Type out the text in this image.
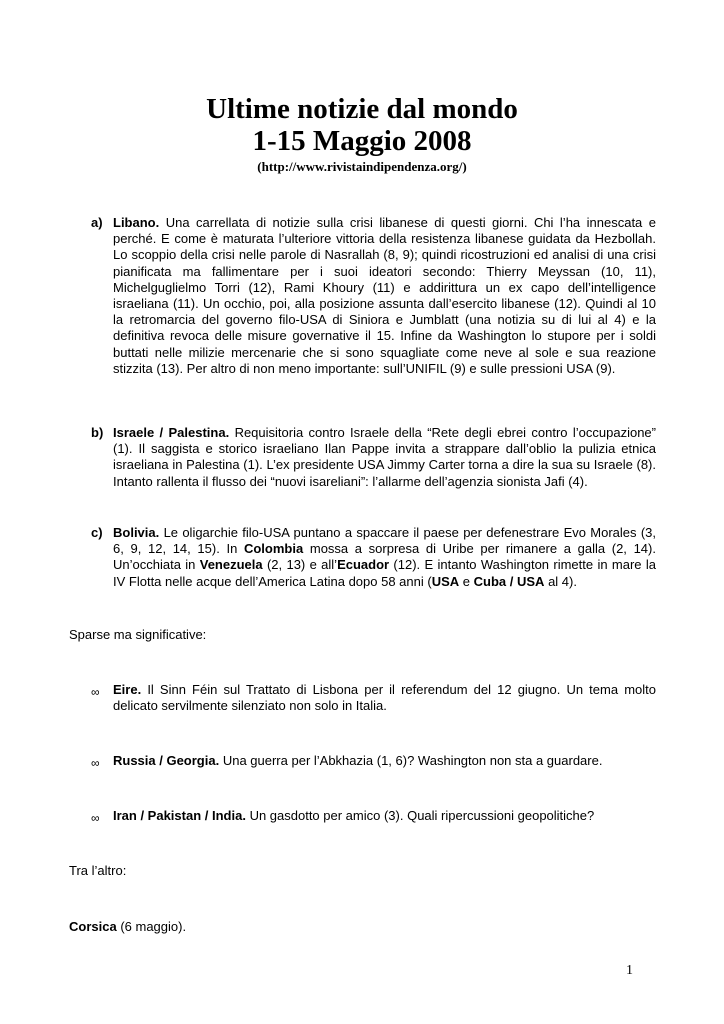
Ultime notizie dal mondo
1-15 Maggio 2008
(http://www.rivistaindipendenza.org/)
a) Libano. Una carrellata di notizie sulla crisi libanese di questi giorni. Chi l’ha innescata e perché. E come è maturata l’ulteriore vittoria della resistenza libanese guidata da Hezbollah. Lo scoppio della crisi nelle parole di Nasrallah (8, 9); quindi ricostruzioni ed analisi di una crisi pianificata ma fallimentare per i suoi ideatori secondo: Thierry Meyssan (10, 11), Michelguglielmo Torri (12), Rami Khoury (11) e addirittura un ex capo dell’intelligence israeliana (11). Un occhio, poi, alla posizione assunta dall’esercito libanese (12). Quindi al 10 la retromarcia del governo filo-USA di Siniora e Jumblatt (una notizia su di lui al 4) e la definitiva revoca delle misure governative il 15. Infine da Washington lo stupore per i soldi buttati nelle milizie mercenarie che si sono squagliate come neve al sole e sua reazione stizzita (13). Per altro di non meno importante: sull’UNIFIL (9) e sulle pressioni USA (9).

b) Israele / Palestina. Requisitoria contro Israele della “Rete degli ebrei contro l’occupazione” (1). Il saggista e storico israeliano Ilan Pappe invita a strappare dall’oblio la pulizia etnica israeliana in Palestina (1). L’ex presidente USA Jimmy Carter torna a dire la sua su Israele (8). Intanto rallenta il flusso dei “nuovi isareliani”: l’allarme dell’agenzia sionista Jafi (4).

c) Bolivia. Le oligarchie filo-USA puntano a spaccare il paese per defenestrare Evo Morales (3, 6, 9, 12, 14, 15). In Colombia mossa a sorpresa di Uribe per rimanere a galla (2, 14). Un’occhiata in Venezuela (2, 13) e all’Ecuador (12). E intanto Washington rimette in mare la IV Flotta nelle acque dell’America Latina dopo 58 anni (USA e Cuba / USA al 4).

Sparse ma significative:

∞ Eire. Il Sinn Féin sul Trattato di Lisbona per il referendum del 12 giugno. Un tema molto delicato servilmente silenziato non solo in Italia.

∞ Russia / Georgia. Una guerra per l’Abkhazia (1, 6)? Washington non sta a guardare.

∞ Iran / Pakistan / India. Un gasdotto per amico (3). Quali ripercussioni geopolitiche?

Tra l’altro:

Corsica (6 maggio).

1
